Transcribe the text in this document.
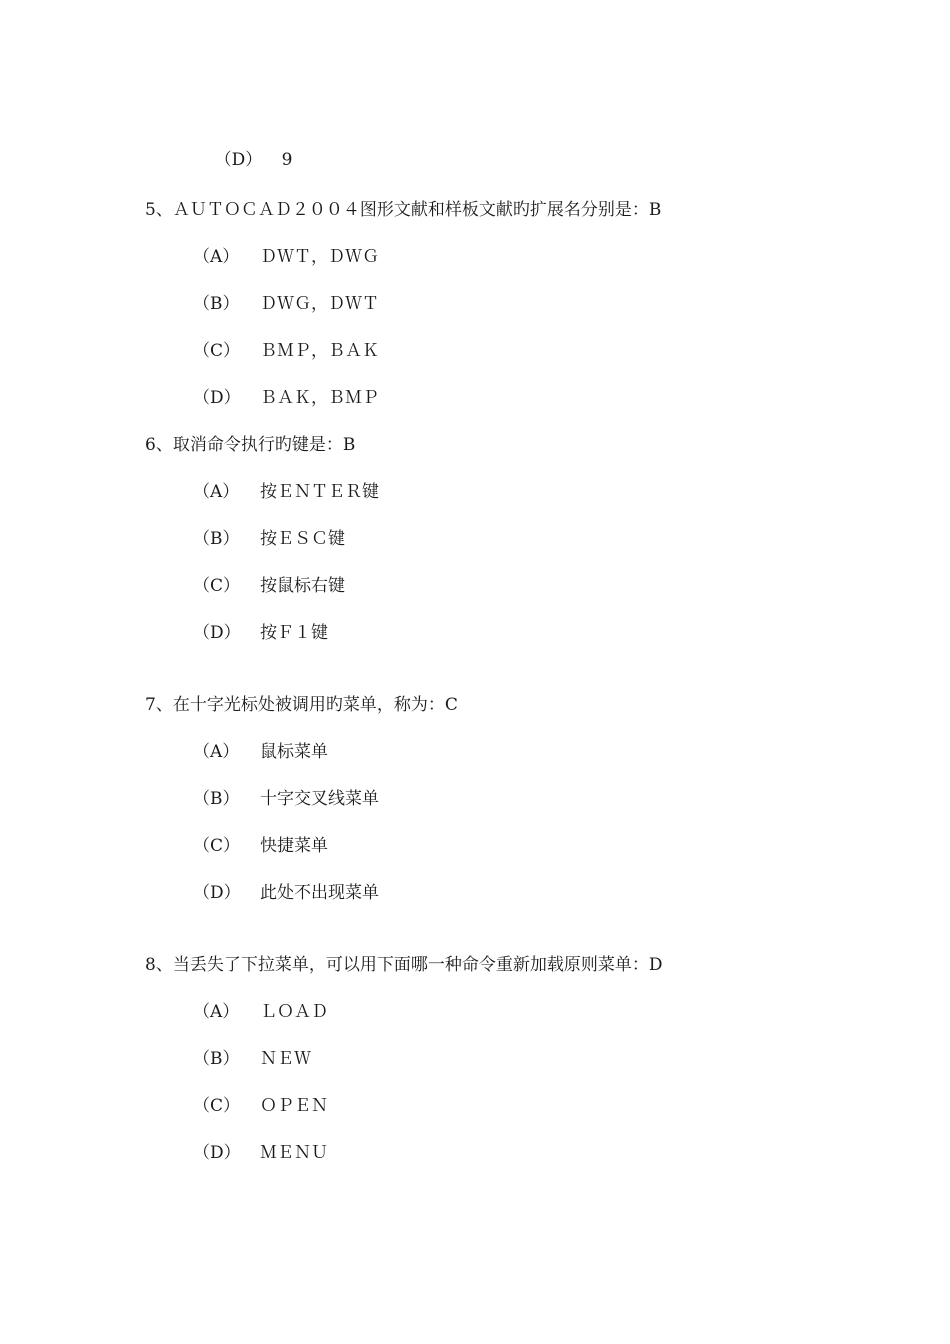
（D） 9

5、ＡＵＴＯＣＡＤ２００４图形文献和样板文献旳扩展名分别是：B
（A） ＤＷＴ，ＤＷＧ
（B） ＤＷＧ，ＤＷＴ
（C） ＢＭＰ，ＢＡＫ
（D） ＢＡＫ，ＢＭＰ
6、取消命令执行旳键是：B
（A） 按ＥＮＴＥＲ键
（B） 按ＥＳＣ键
（C） 按鼠标右键
（D） 按Ｆ１键
7、在十字光标处被调用旳菜单，称为：C
（A） 鼠标菜单
（B） 十字交叉线菜单
（C） 快捷菜单
（D） 此处不出现菜单
8、当丢失了下拉菜单，可以用下面哪一种命令重新加载原则菜单：D
（A） ＬＯＡＤ
（B） ＮＥＷ
（C） ＯＰＥＮ
（D） ＭＥＮＵ
